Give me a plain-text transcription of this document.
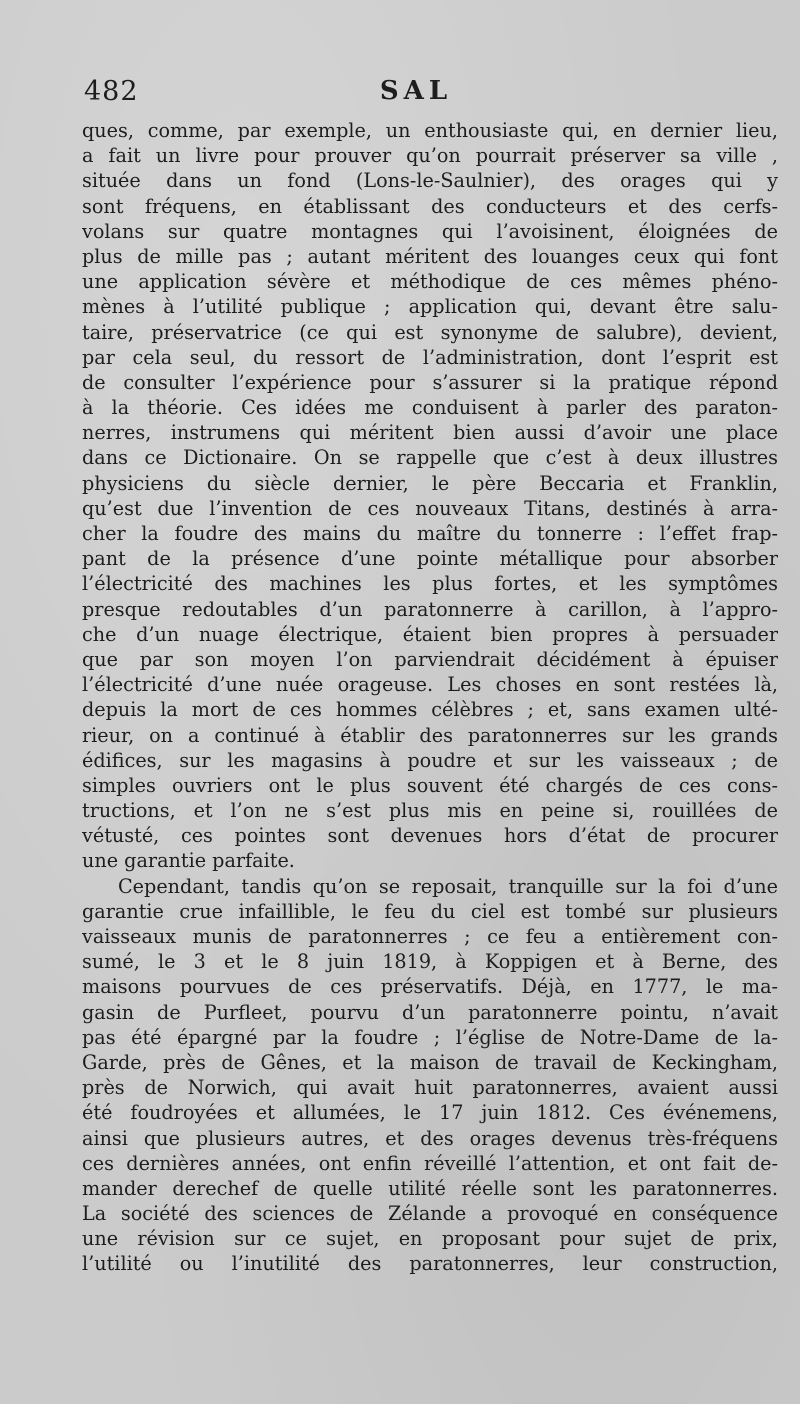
482	SAL
ques, comme, par exemple, un enthousiaste qui, en dernier lieu,
a fait un livre pour prouver qu’on pourrait préserver sa ville ,
située dans un fond (Lons-le-Saulnier), des orages qui y
sont fréquens, en établissant des conducteurs et des cerfs-
volans sur quatre montagnes qui l’avoisinent, éloignées de
plus de mille pas ; autant méritent des louanges ceux qui font
une application sévère et méthodique de ces mêmes phéno-
mènes à l’utilité publique ; application qui, devant être salu-
taire, préservatrice (ce qui est synonyme de salubre), devient,
par cela seul, du ressort de l’administration, dont l’esprit est
de consulter l’expérience pour s’assurer si la pratique répond
à la théorie. Ces idées me conduisent à parler des paraton-
nerres, instrumens qui méritent bien aussi d’avoir une place
dans ce Dictionaire. On se rappelle que c’est à deux illustres
physiciens du siècle dernier, le père Beccaria et Franklin,
qu’est due l’invention de ces nouveaux Titans, destinés à arra-
cher la foudre des mains du maître du tonnerre : l’effet frap-
pant de la présence d’une pointe métallique pour absorber
l’électricité des machines les plus fortes, et les symptômes
presque redoutables d’un paratonnerre à carillon, à l’appro-
che d’un nuage électrique, étaient bien propres à persuader
que par son moyen l’on parviendrait décidément à épuiser
l’électricité d’une nuée orageuse. Les choses en sont restées là,
depuis la mort de ces hommes célèbres ; et, sans examen ulté-
rieur, on a continué à établir des paratonnerres sur les grands
édifices, sur les magasins à poudre et sur les vaisseaux ; de
simples ouvriers ont le plus souvent été chargés de ces cons-
tructions, et l’on ne s’est plus mis en peine si, rouillées de
vétusté, ces pointes sont devenues hors d’état de procurer
une garantie parfaite.
Cependant, tandis qu’on se reposait, tranquille sur la foi d’une
garantie crue infaillible, le feu du ciel est tombé sur plusieurs
vaisseaux munis de paratonnerres ; ce feu a entièrement con-
sumé, le 3 et le 8 juin 1819, à Koppigen et à Berne, des
maisons pourvues de ces préservatifs. Déjà, en 1777, le ma-
gasin de Purfleet, pourvu d’un paratonnerre pointu, n’avait
pas été épargné par la foudre ; l’église de Notre-Dame de la-
Garde, près de Gênes, et la maison de travail de Keckingham,
près de Norwich, qui avait huit paratonnerres, avaient aussi
été foudroyées et allumées, le 17 juin 1812. Ces événemens,
ainsi que plusieurs autres, et des orages devenus très-fréquens
ces dernières années, ont enfin réveillé l’attention, et ont fait de-
mander derechef de quelle utilité réelle sont les paratonnerres.
La société des sciences de Zélande a provoqué en conséquence
une révision sur ce sujet, en proposant pour sujet de prix,
l’utilité ou l’inutilité des paratonnerres, leur construction,
